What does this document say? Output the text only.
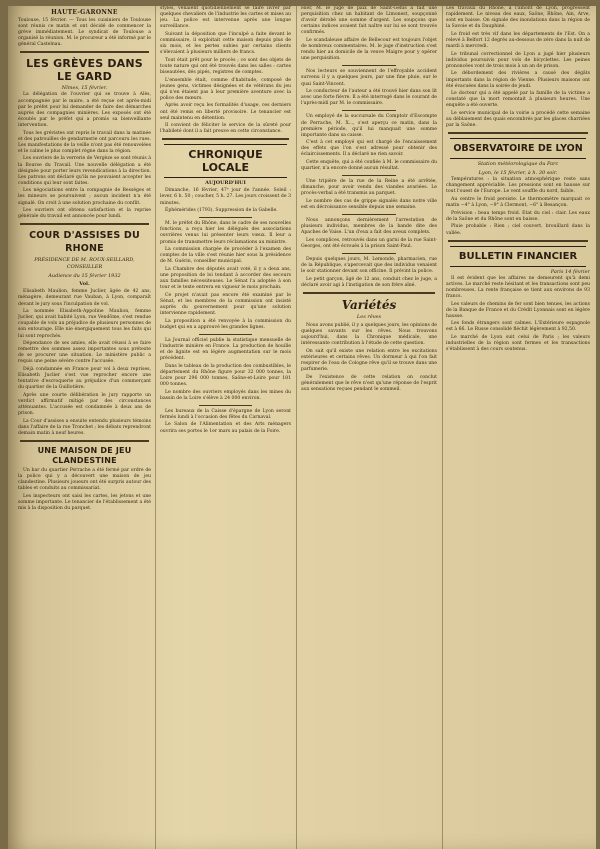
HAUTE-GARONNE

Toulouse, 15 février. — Tous les cuisiniers de Toulouse sont réunis ce matin et ont décidé de commencer la grève immédiatement. Le syndicat de Toulouse a organisé la réunion. M. le procureur a été informé par le général Castelnau.

LES GRÈVES DANS LE GARD
Nîmes, 15 février.

La délégation de l'ouvrier qui se trouve à Alès, accompagnée par le maire, a été reçue cet après-midi par le préfet pour lui demander de faire des démarches auprès des compagnies minières. Les exposés ont été écoutés par le préfet qui a promis sa bienveillante intervention.

Tous les grévistes ont repris le travail dans la matinée et des patrouilles de gendarmerie ont parcouru les rues. Les manifestations de la veille n'ont pas été renouvelées et le calme le plus complet règne dans la région.

Les ouvriers de la verrerie de Vergèze se sont réunis à la Bourse du Travail. Une nouvelle délégation a été désignée pour porter leurs revendications à la direction. Les patrons ont déclaré qu'ils ne pouvaient accepter les conditions qui leur sont faites.

Les négociations entre la compagnie de Bessèges et les mineurs se poursuivent ; aucun incident n'a été signalé. On croit à une solution prochaine du conflit.

Les ouvriers ont obtenu satisfaction et la reprise générale du travail est annoncée pour lundi.

COUR D'ASSISES DU RHONE
PRÉSIDENCE DE M. ROUX-SEILLARD, CONSEILLER
Audience du 15 février 1932
Vol.

Elisabeth Maulion, femme Juclier, âgée de 42 ans, ménagère, demeurant rue Vauban, à Lyon, comparaît devant le jury sous l'inculpation de vol.

La nommée Elisabeth-Appoline Maulion, femme Juclier, qui avait habité Lyon, rue Vendôme, s'est rendue coupable de vols au préjudice de plusieurs personnes de son entourage. Elle nie énergiquement tous les faits qui lui sont reprochés.

Dépendance de ses amies, elle avait réussi à se faire remettre des sommes assez importantes sous prétexte de se procurer une situation. Le ministère public a requis une peine sévère contre l'accusée.

Déjà condamnée en France pour vol à deux reprises, Elisabeth Juclier s'est vue reprocher encore une tentative d'escroquerie au préjudice d'un commerçant du quartier de la Guillotière.

Après une courte délibération le jury rapporte un verdict affirmatif mitigé par des circonstances atténuantes. L'accusée est condamnée à deux ans de prison.

La Cour d'assises a ensuite entendu plusieurs témoins dans l'affaire de la rue Tronchet ; les débats reprendront demain matin à neuf heures.

UNE MAISON DE JEU CLANDESTINE

Un bar du quartier Perrache a été fermé par ordre de la police qui y a découvert une maison de jeu clandestine. Plusieurs joueurs ont été surpris autour des tables et conduits au commissariat.

Les inspecteurs ont saisi les cartes, les jetons et une somme importante. Le tenancier de l'établissement a été mis à la disposition du parquet.

styles, venaient quotidiennement se faire livrer par quelques chevaliers de l'industrie les cartes et mises au jeu. La police est intervenue après une longue surveillance.

Suivant la déposition que l'inculpé a faite devant le commissaire, il exploitait cette maison depuis plus de six mois, et les pertes subies par certains clients s'élevaient à plusieurs milliers de francs.

Tout était prêt pour le procès ; ce sont des objets de toute nature qui ont été trouvés dans les salles : cartes biseautées, dés pipés, registres de comptes.

L'ensemble était, comme d'habitude, composé de jeunes gens, victimes désignées et de vétérans du jeu qui n'en étaient pas à leur première aventure avec la police des mœurs.

Après avoir reçu les formalités d'usage, ces derniers ont été remis en liberté provisoire. Le tenancier est seul maintenu en détention.

Il convient de féliciter le service de la sûreté pour l'habileté dont il a fait preuve en cette circonstance.

CHRONIQUE LOCALE
AUJOURD'HUI

Dimanche, 16 février, 47ᵉ jour de l'année. Soleil : lever, 6 h. 50 ; coucher, 5 h. 27. Les jours croissent de 3 minutes.

Éphémérides (1793). Suppression de la Gabelle.

M. le préfet du Rhône, dans le cadre de ses nouvelles fonctions, a reçu hier les délégués des associations ouvrières venus lui présenter leurs vœux. Il leur a promis de transmettre leurs réclamations au ministre.

La commission chargée de procéder à l'examen des comptes de la ville s'est réunie hier sous la présidence de M. Guérin, conseiller municipal.

La Chambre des députés avait voté, il y a deux ans, une proposition de loi tendant à accorder des secours aux familles nécessiteuses. Le Sénat l'a adoptée à son tour et le texte entrera en vigueur le mois prochain.

Ce projet n'avait pas encore été examiné par le Sénat, et les membres de la commission ont insisté auprès du gouvernement pour qu'une solution intervienne rapidement.

La proposition a été renvoyée à la commission du budget qui en a approuvé les grandes lignes.

La Journal officiel publie la statistique mensuelle de l'industrie minière en France. La production de houille et de lignite est en légère augmentation sur le mois précédent.

Dans le tableau de la production des combustibles, le département du Rhône figure pour 32 000 tonnes, la Loire pour 296 000 tonnes, Saône-et-Loire pour 181 000 tonnes.

Le nombre des ouvriers employés dans les mines du bassin de la Loire s'élève à 24 000 environ.

Les bureaux de la Caisse d'épargne de Lyon seront fermés lundi à l'occasion des fêtes du Carnaval.

Le Salon de l'Alimentation et des Arts ménagers ouvrira ses portes le 1er mars au palais de la Foire.

Hier, M. le juge de paix de Saint-Genis a fait une perquisition chez un habitant de Limonest, soupçonné d'avoir dérobé une somme d'argent. Les soupçons que certains indices avaient fait naître sur lui se sont trouvés confirmés.

Le scandaleuse affaire de Bellecour est toujours l'objet de nombreux commentaires. M. le juge d'instruction s'est rendu hier au domicile de la veuve Maigre pour y opérer une perquisition.

Nos lecteurs se souviennent de l'effroyable accident survenu il y a quelques jours, par une fine pluie, sur le quai Saint-Vincent.

Le conducteur de l'auteur a été trouvé hier dans son lit avec une forte fièvre. Il a été interrogé dans le courant de l'après-midi par M. le commissaire.

Un employé de la succursale du Comptoir d'Escompte de Perrache, M. X..., s'est aperçu ce matin, dans la première période, qu'il lui manquait une somme importante dans sa caisse.

C'est à cet employé qui est chargé de l'encaissement des effets que l'on s'est adressé pour obtenir des éclaircissements. Il a déclaré ne rien savoir.

Cette enquête, qui a été confiée à M. le commissaire du quartier, n'a encore donné aucun résultat.

Une tripière de la rue de la Reine a été arrêtée, dimanche, pour avoir vendu des viandes avariées. Le procès-verbal a été transmis au parquet.

Le nombre des cas de grippe signalés dans notre ville est en décroissance sensible depuis une semaine.

Nous annonçons dernièrement l'arrestation de plusieurs individus, membres de la bande dite des Apaches de Vaise. L'un d'eux a fait des aveux complets.

Les complices, retrouvés dans un garni de la rue Saint-Georges, ont été écroués à la prison Saint-Paul.

Depuis quelques jours, M. Lemonde, pharmacien, rue de la République, s'apercevait que des individus venaient le soir stationner devant son officine. Il prévint la police.

Le petit garçon, âgé de 12 ans, conduit chez le juge, a déclaré avoir agi à l'instigation de son frère aîné.

Variétés
Les rêves

Nous avons publié, il y a quelques jours, les opinions de quelques savants sur les rêves. Nous trouvons aujourd'hui, dans la Chronique médicale, une intéressante contribution à l'étude de cette question.

On sait qu'il existe une relation entre les excitations extérieures et certains rêves. Un dormeur à qui l'on fait respirer de l'eau de Cologne rêve qu'il se trouve dans une parfumerie.

De l'existence de cette relation on conclut généralement que le rêve n'est qu'une réponse de l'esprit aux sensations reçues pendant le sommeil.

Les travaux du Rhône, à l'amont de Lyon, progressent rapidement. Le niveau des eaux, Saône, Rhône, Ain, Arve, sont en baisse. On signale des inondations dans la région de la Savoie et du Dauphiné.

Le froid est très vif dans les départements de l'Est. On a relevé à Belfort 12 degrés au-dessous de zéro dans la nuit de mardi à mercredi.

Le tribunal correctionnel de Lyon a jugé hier plusieurs individus poursuivis pour vols de bicyclettes. Les peines prononcées vont de trois mois à un an de prison.

Le débordement des rivières a causé des dégâts importants dans la région de Vienne. Plusieurs maisons ont été évacuées dans la soirée de jeudi.

Le docteur qui a été appelé par la famille de la victime a constaté que la mort remontait à plusieurs heures. Une enquête a été ouverte.

Le service municipal de la voirie a procédé cette semaine au déblaiement des quais encombrés par les glaces charriées par la Saône.

OBSERVATOIRE DE LYON
Station météorologique du Parc
Lyon, le 15 février, à h. 30 soir.

Températures : la situation atmosphérique reste sans changement appréciable. Les pressions sont en hausse sur tout l'ouest de l'Europe. Le vent souffle du nord, faible.

Au centre le froid persiste. Le thermomètre marquait ce matin −4° à Lyon, −9° à Clermont, −6° à Besançon.

Prévision : beau temps froid. Etat du ciel : clair. Les eaux de la Saône et du Rhône sont en baisse.

Pluie probable : Rien ; ciel couvert, brouillard dans la vallée.

BULLETIN FINANCIER
Paris 14 février

Il est évident que les affaires ne demeurent qu'à demi actives. Le marché reste hésitant et les transactions sont peu nombreuses. La rente française se tient aux environs de 93 francs.

Les valeurs de chemins de fer sont bien tenues, les actions de la Banque de France et du Crédit Lyonnais sont en légère hausse.

Les fonds étrangers sont calmes. L'Extérieure espagnole est à 66. Le Russe consolidé fléchit légèrement à 92,50.

Le marché de Lyon suit celui de Paris ; les valeurs industrielles de la région sont fermes et les transactions s'établissent à des cours soutenus.
